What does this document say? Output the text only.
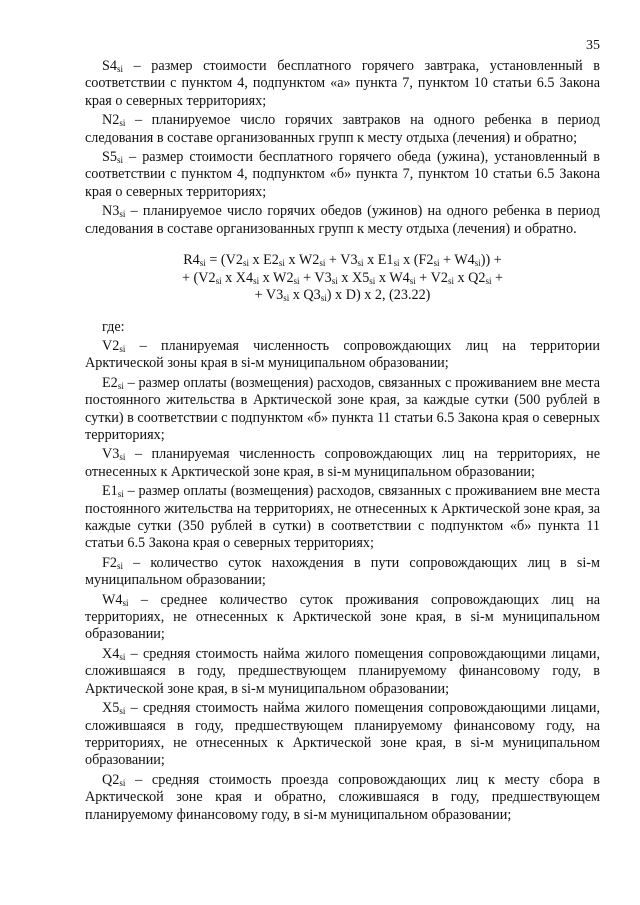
35

$S4_{si}$ – размер стоимости бесплатного горячего завтрака, установленный в соответствии с пунктом 4, подпунктом «а» пункта 7, пунктом 10 статьи 6.5 Закона края о северных территориях;

$N2_{si}$ – планируемое число горячих завтраков на одного ребенка в период следования в составе организованных групп к месту отдыха (лечения) и обратно;

$S5_{si}$ – размер стоимости бесплатного горячего обеда (ужина), установленный в соответствии с пунктом 4, подпунктом «б» пункта 7, пунктом 10 статьи 6.5 Закона края о северных территориях;

$N3_{si}$ – планируемое число горячих обедов (ужинов) на одного ребенка в период следования в составе организованных групп к месту отдыха (лечения) и обратно.

$R4_{si} = (V2_{si}$ x $E2_{si}$ x $W2_{si} + V3_{si}$ x $E1_{si}$ x $(F2_{si} + W4_{si})$) +
+ ($V2_{si}$ x $X4_{si}$ x $W2_{si} + V3_{si}$ x $X5_{si}$ x $W4_{si} + V2_{si}$ x $Q2_{si}$ +
+ $V3_{si}$ x $Q3_{si}$) x D) x 2, (23.22)

где:

$V2_{si}$ – планируемая численность сопровождающих лиц на территории Арктической зоны края в si-м муниципальном образовании;

$E2_{si}$ – размер оплаты (возмещения) расходов, связанных с проживанием вне места постоянного жительства в Арктической зоне края, за каждые сутки (500 рублей в сутки) в соответствии с подпунктом «б» пункта 11 статьи 6.5 Закона края о северных территориях;

$V3_{si}$ – планируемая численность сопровождающих лиц на территориях, не отнесенных к Арктической зоне края, в si-м муниципальном образовании;

$E1_{si}$ – размер оплаты (возмещения) расходов, связанных с проживанием вне места постоянного жительства на территориях, не отнесенных к Арктической зоне края, за каждые сутки (350 рублей в сутки) в соответствии с подпунктом «б» пункта 11 статьи 6.5 Закона края о северных территориях;

$F2_{si}$ – количество суток нахождения в пути сопровождающих лиц в si-м муниципальном образовании;

$W4_{si}$ – среднее количество суток проживания сопровождающих лиц на территориях, не отнесенных к Арктической зоне края, в si-м муниципальном образовании;

$X4_{si}$ – средняя стоимость найма жилого помещения сопровождающими лицами, сложившаяся в году, предшествующем планируемому финансовому году, в Арктической зоне края, в si-м муниципальном образовании;

$X5_{si}$ – средняя стоимость найма жилого помещения сопровождающими лицами, сложившаяся в году, предшествующем планируемому финансовому году, на территориях, не отнесенных к Арктической зоне края, в si-м муниципальном образовании;

$Q2_{si}$ – средняя стоимость проезда сопровождающих лиц к месту сбора в Арктической зоне края и обратно, сложившаяся в году, предшествующем планируемому финансовому году, в si-м муниципальном образовании;
